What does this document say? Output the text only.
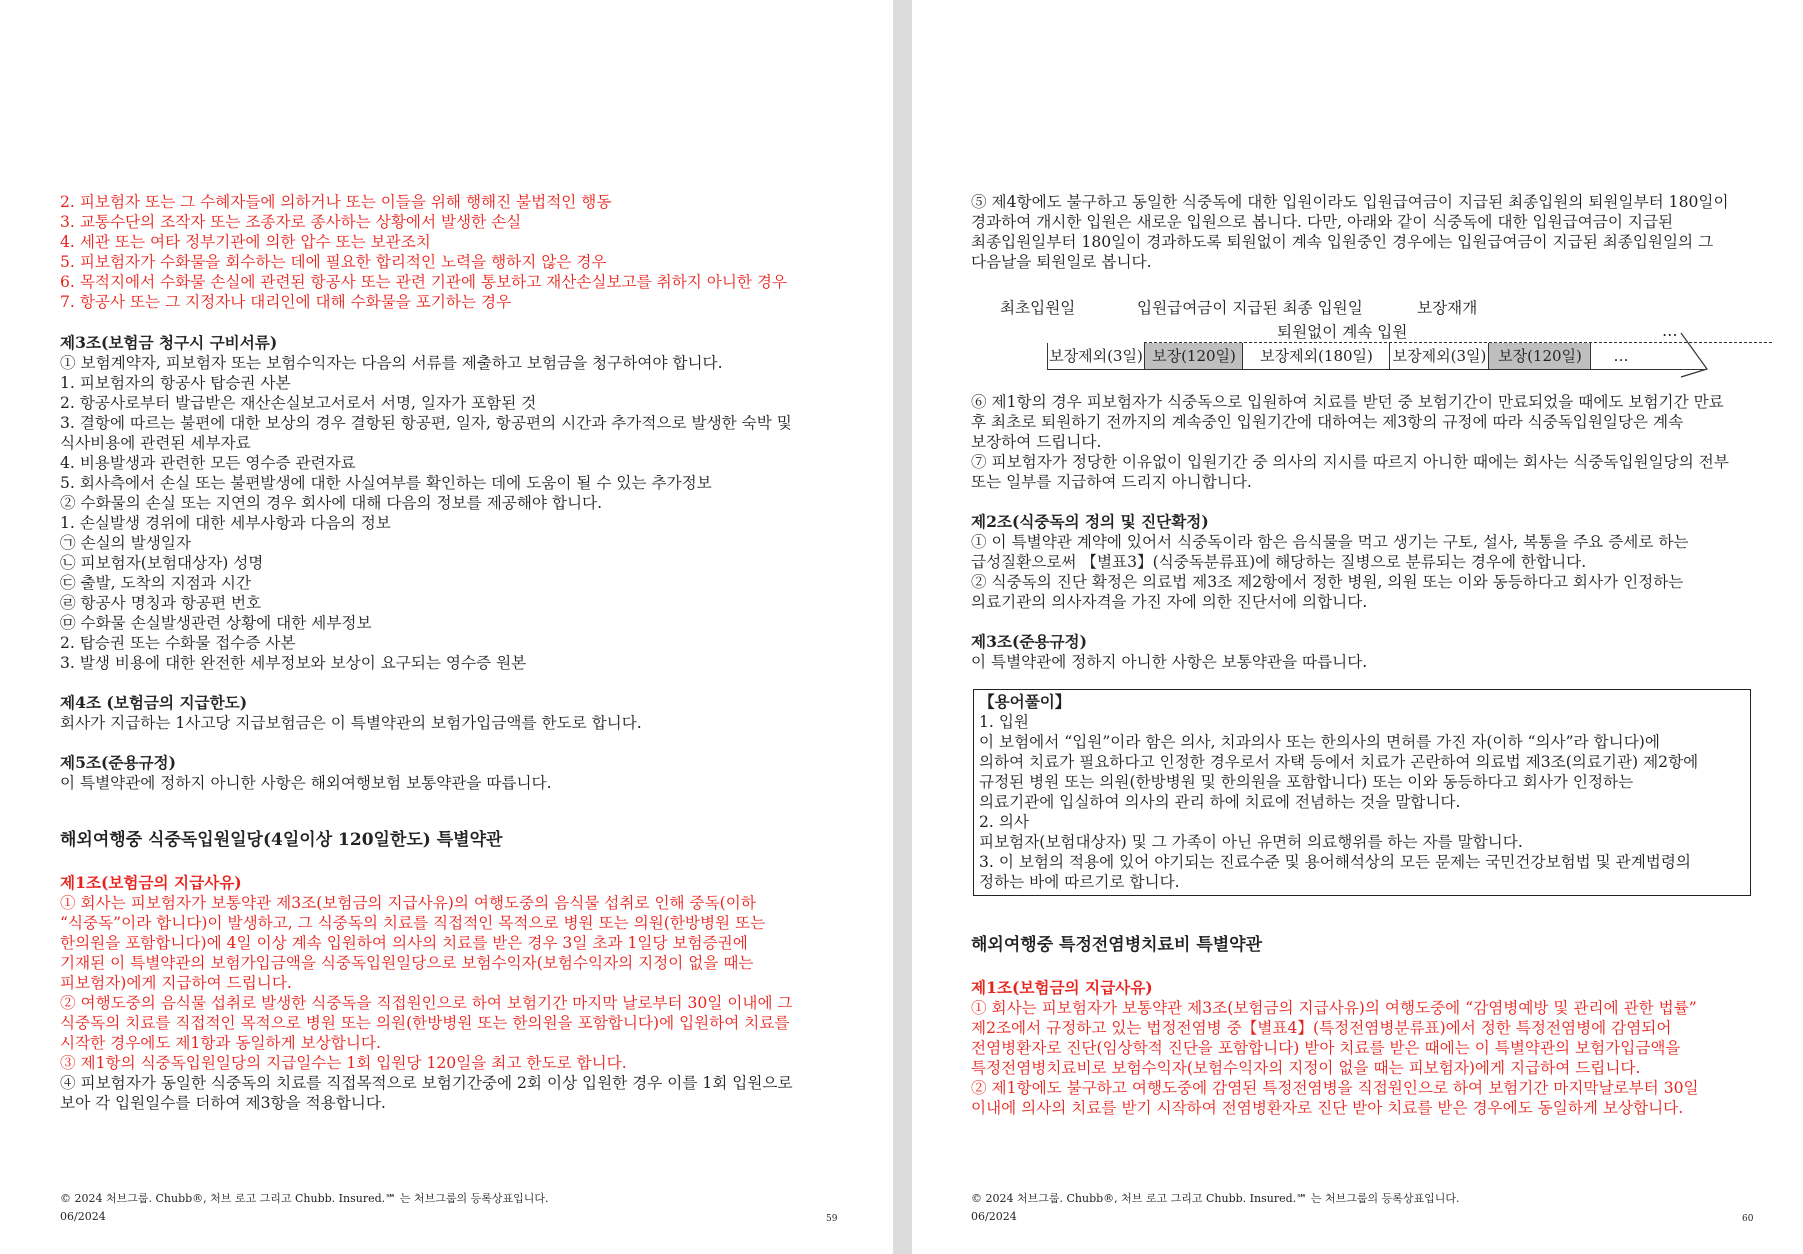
2. 피보험자 또는 그 수혜자들에 의하거나 또는 이들을 위해 행해진 불법적인 행동
3. 교통수단의 조작자 또는 조종자로 종사하는 상황에서 발생한 손실
4. 세관 또는 여타 정부기관에 의한 압수 또는 보관조치
5. 피보험자가 수화물을 회수하는 데에 필요한 합리적인 노력을 행하지 않은 경우
6. 목적지에서 수화물 손실에 관련된 항공사 또는 관련 기관에 통보하고 재산손실보고를 취하지 아니한 경우
7. 항공사 또는 그 지정자나 대리인에 대해 수화물을 포기하는 경우
제3조(보험금 청구시 구비서류)
① 보험계약자, 피보험자 또는 보험수익자는 다음의 서류를 제출하고 보험금을 청구하여야 합니다.
1. 피보험자의 항공사 탑승권 사본
2. 항공사로부터 발급받은 재산손실보고서로서 서명, 일자가 포함된 것
3. 결항에 따르는 불편에 대한 보상의 경우 결항된 항공편, 일자, 항공편의 시간과 추가적으로 발생한 숙박 및
식사비용에 관련된 세부자료
4. 비용발생과 관련한 모든 영수증 관련자료
5. 회사측에서 손실 또는 불편발생에 대한 사실여부를 확인하는 데에 도움이 될 수 있는 추가정보
② 수화물의 손실 또는 지연의 경우 회사에 대해 다음의 정보를 제공해야 합니다.
1. 손실발생 경위에 대한 세부사항과 다음의 정보
㉠ 손실의 발생일자
㉡ 피보험자(보험대상자) 성명
㉢ 출발, 도착의 지점과 시간
㉣ 항공사 명칭과 항공편 번호
㉤ 수화물 손실발생관련 상황에 대한 세부정보
2. 탑승권 또는 수화물 접수증 사본
3. 발생 비용에 대한 완전한 세부정보와 보상이 요구되는 영수증 원본
제4조 (보험금의 지급한도)
회사가 지급하는 1사고당 지급보험금은 이 특별약관의 보험가입금액를 한도로 합니다.
제5조(준용규정)
이 특별약관에 정하지 아니한 사항은 해외여행보험 보통약관을 따릅니다.
해외여행중 식중독입원일당(4일이상 120일한도) 특별약관
제1조(보험금의 지급사유)
① 회사는 피보험자가 보통약관 제3조(보험금의 지급사유)의 여행도중의 음식물 섭취로 인해 중독(이하
“식중독”이라 합니다)이 발생하고, 그 식중독의 치료를 직접적인 목적으로 병원 또는 의원(한방병원 또는
한의원을 포함합니다)에 4일 이상 계속 입원하여 의사의 치료를 받은 경우 3일 초과 1일당 보험증권에
기재된 이 특별약관의 보험가입금액을 식중독입원일당으로 보험수익자(보험수익자의 지정이 없을 때는
피보험자)에게 지급하여 드립니다.
② 여행도중의 음식물 섭취로 발생한 식중독을 직접원인으로 하여 보험기간 마지막 날로부터 30일 이내에 그
식중독의 치료를 직접적인 목적으로 병원 또는 의원(한방병원 또는 한의원을 포함합니다)에 입원하여 치료를
시작한 경우에도 제1항과 동일하게 보상합니다.
③ 제1항의 식중독입원일당의 지급일수는 1회 입원당 120일을 최고 한도로 합니다.
④ 피보험자가 동일한 식중독의 치료를 직접목적으로 보험기간중에 2회 이상 입원한 경우 이를 1회 입원으로
보아 각 입원일수를 더하여 제3항을 적용합니다.
© 2024 처브그룹. Chubb®, 처브 로고 그리고 Chubb. Insured.℠ 는 처브그룹의 등록상표입니다.
06/2024	59
⑤ 제4항에도 불구하고 동일한 식중독에 대한 입원이라도 입원급여금이 지급된 최종입원의 퇴원일부터 180일이
경과하여 개시한 입원은 새로운 입원으로 봅니다. 다만, 아래와 같이 식중독에 대한 입원급여금이 지급된
최종입원일부터 180일이 경과하도록 퇴원없이 계속 입원중인 경우에는 입원급여금이 지급된 최종입원일의 그
다음날을 퇴원일로 봅니다.
⑥ 제1항의 경우 피보험자가 식중독으로 입원하여 치료를 받던 중 보험기간이 만료되었을 때에도 보험기간 만료
후 최초로 퇴원하기 전까지의 계속중인 입원기간에 대하여는 제3항의 규정에 따라 식중독입원일당은 계속
보장하여 드립니다.
⑦ 피보험자가 정당한 이유없이 입원기간 중 의사의 지시를 따르지 아니한 때에는 회사는 식중독입원일당의 전부
또는 일부를 지급하여 드리지 아니합니다.
제2조(식중독의 정의 및 진단확정)
① 이 특별약관 계약에 있어서 식중독이라 함은 음식물을 먹고 생기는 구토, 설사, 복통을 주요 증세로 하는
급성질환으로써 【별표3】(식중독분류표)에 해당하는 질병으로 분류되는 경우에 한합니다.
② 식중독의 진단 확정은 의료법 제3조 제2항에서 정한 병원, 의원 또는 이와 동등하다고 회사가 인정하는
의료기관의 의사자격을 가진 자에 의한 진단서에 의합니다.
제3조(준용규정)
이 특별약관에 정하지 아니한 사항은 보통약관을 따릅니다.
【용어풀이】
1. 입원
이 보험에서 “입원”이라 함은 의사, 치과의사 또는 한의사의 면허를 가진 자(이하 “의사”라 합니다)에
의하여 치료가 필요하다고 인정한 경우로서 자택 등에서 치료가 곤란하여 의료법 제3조(의료기관) 제2항에
규정된 병원 또는 의원(한방병원 및 한의원을 포함합니다) 또는 이와 동등하다고 회사가 인정하는
의료기관에 입실하여 의사의 관리 하에 치료에 전념하는 것을 말합니다.
2. 의사
피보험자(보험대상자) 및 그 가족이 아닌 유면허 의료행위를 하는 자를 말합니다.
3. 이 보험의 적용에 있어 야기되는 진료수준 및 용어해석상의 모든 문제는 국민건강보험법 및 관계법령의
정하는 바에 따르기로 합니다.
해외여행중 특정전염병치료비 특별약관
제1조(보험금의 지급사유)
① 회사는 피보험자가 보통약관 제3조(보험금의 지급사유)의 여행도중에 “감염병예방 및 관리에 관한 법률”
제2조에서 규정하고 있는 법정전염병 중【별표4】(특정전염병분류표)에서 정한 특정전염병에 감염되어
전염병환자로 진단(임상학적 진단을 포함합니다) 받아 치료를 받은 때에는 이 특별약관의 보험가입금액을
특정전염병치료비로 보험수익자(보험수익자의 지정이 없을 때는 피보험자)에게 지급하여 드립니다.
② 제1항에도 불구하고 여행도중에 감염된 특정전염병을 직접원인으로 하여 보험기간 마지막날로부터 30일
이내에 의사의 치료를 받기 시작하여 전염병환자로 진단 받아 치료를 받은 경우에도 동일하게 보상합니다.
최초입원일	입원급여금이 지급된 최종 입원일	보장재개
퇴원없이 계속 입원	…
보장제외(3일) 보장(120일)	보장제외(180일)	보장제외(3일) 보장(120일)	…
© 2024 처브그룹. Chubb®, 처브 로고 그리고 Chubb. Insured.℠ 는 처브그룹의 등록상표입니다.
06/2024	60
